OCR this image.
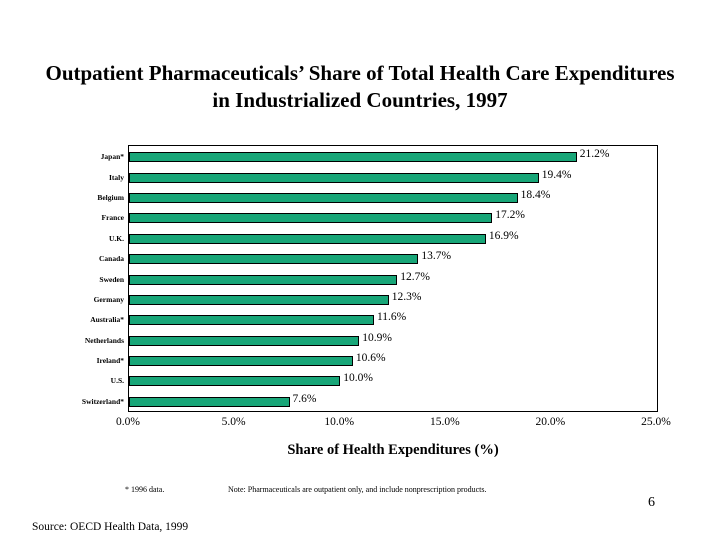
Outpatient Pharmaceuticals’ Share of Total Health Care Expenditures in Industrialized Countries, 1997
Japan*
Italy
Belgium
France
U.K.
Canada
Sweden
Germany
Australia*
Netherlands
Ireland*
U.S.
Switzerland*
21.2%
19.4%
18.4%
17.2%
16.9%
13.7%
12.7%
12.3%
11.6%
10.9%
10.6%
10.0%
7.6%
0.0%	5.0%	10.0%	15.0%	20.0%	25.0%
Share of Health Expenditures (%)
* 1996 data.	Note: Pharmaceuticals are outpatient only, and include nonprescription products.
Source: OECD Health Data, 1999
6
